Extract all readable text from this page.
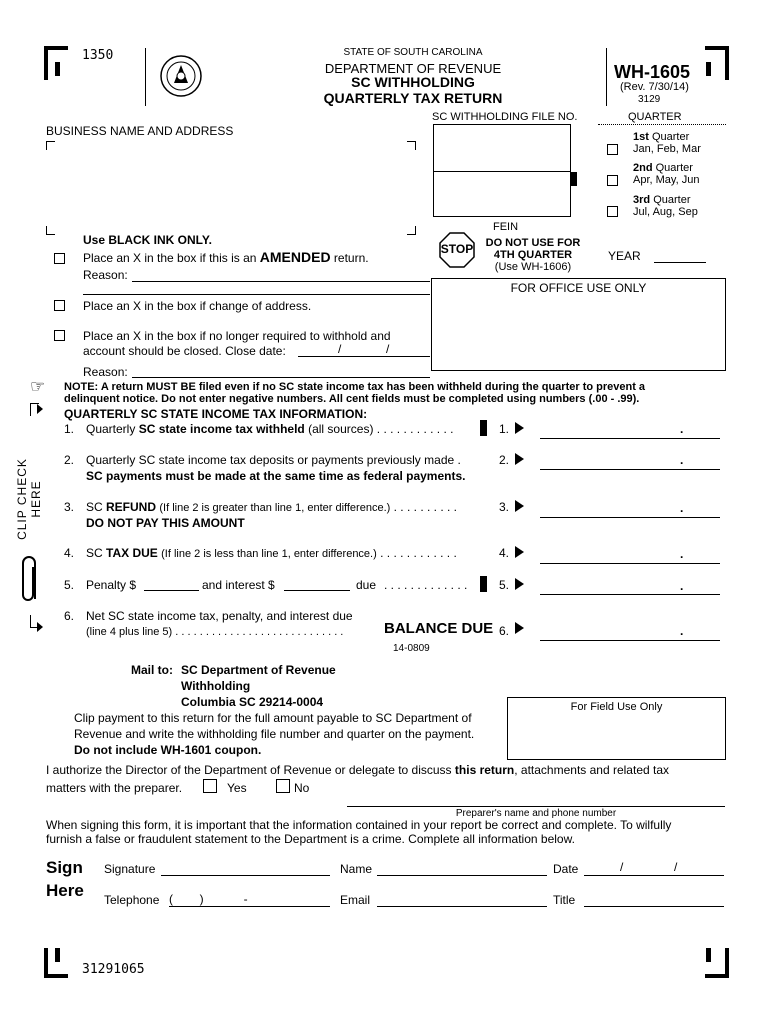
1350
31291065
STATE OF SOUTH CAROLINA
DEPARTMENT OF REVENUE
SC WITHHOLDING
QUARTERLY TAX RETURN
WH-1605
(Rev. 7/30/14)
3129
BUSINESS NAME AND ADDRESS
SC WITHHOLDING FILE NO.
FEIN
QUARTER
1st Quarter
Jan, Feb, Mar
2nd Quarter
Apr, May, Jun
3rd Quarter
Jul, Aug, Sep
STOP	DO NOT USE FOR
4TH QUARTER
(Use WH-1606)
YEAR
FOR OFFICE USE ONLY
Use BLACK INK ONLY.
Place an X in the box if this is an AMENDED return.
Reason:
Place an X in the box if change of address.
Place an X in the box if no longer required to withhold and
account should be closed. Close date:	/	/
Reason:
☞ NOTE: A return MUST BE filed even if no SC state income tax has been withheld during the quarter to prevent a
delinquent notice. Do not enter negative numbers. All cent fields must be completed using numbers (.00 - .99).
QUARTERLY SC STATE INCOME TAX INFORMATION:
CLIP CHECK HERE
1. Quarterly SC state income tax withheld (all sources) . . . . . . . . . . . .	1.	.
2. Quarterly SC state income tax deposits or payments previously made .
SC payments must be made at the same time as federal payments.
2.	.
3. SC REFUND (If line 2 is greater than line 1, enter difference.) . . . . . . . . . .
DO NOT PAY THIS AMOUNT
3.	.
4. SC TAX DUE (If line 2 is less than line 1, enter difference.) . . . . . . . . . . . .	4.	.
5. Penalty $	and interest $	due . . . . . . . . . . . . .	5.	.
6. Net SC state income tax, penalty, and interest due
(line 4 plus line 5) . . . . . . . . . . . . . . . . . . . . . . . . . . . .	BALANCE DUE 6.	.
14-0809
Mail to: SC Department of Revenue
Withholding
Columbia SC 29214-0004
Clip payment to this return for the full amount payable to SC Department of
Revenue and write the withholding file number and quarter on the payment.
Do not include WH-1601 coupon.
For Field Use Only
I authorize the Director of the Department of Revenue or delegate to discuss this return, attachments and related tax
matters with the preparer.	Yes	No
Preparer's name and phone number
When signing this form, it is important that the information contained in your report be correct and complete. To wilfully
furnish a false or fraudulent statement to the Department is a crime. Complete all information below.
Sign
Here
Signature	Name	Date	/	/
Telephone (        )            -	Email	Title
